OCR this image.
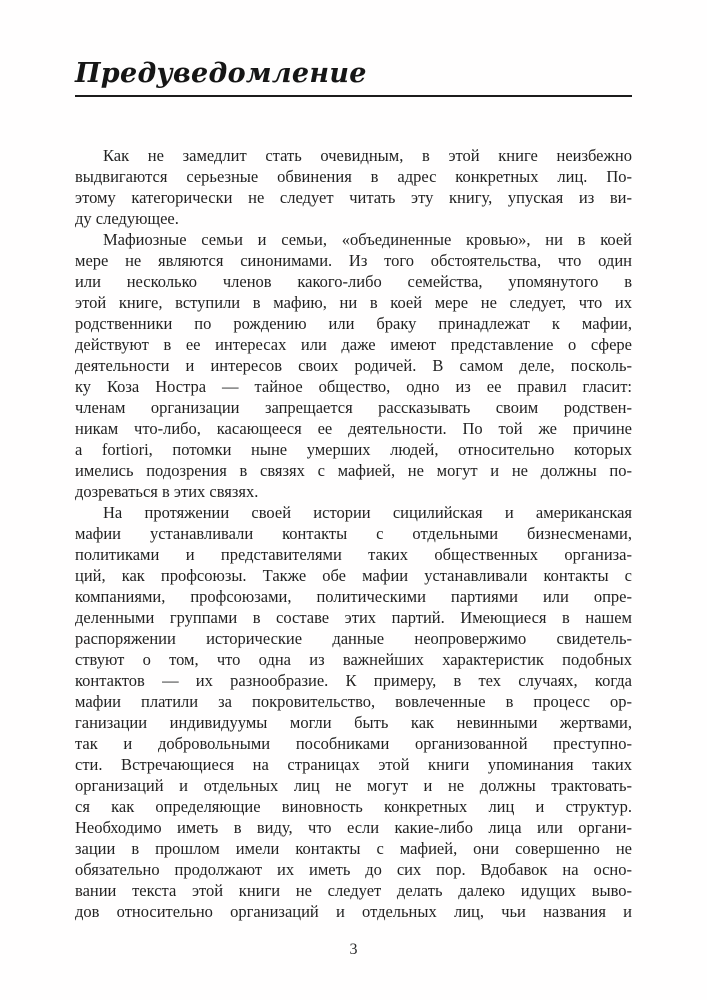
Предуведомление
Как не замедлит стать очевидным, в этой книге неизбежно
выдвигаются серьезные обвинения в адрес конкретных лиц. По-
этому категорически не следует читать эту книгу, упуская из ви-
ду следующее.
Мафиозные семьи и семьи, «объединенные кровью», ни в коей
мере не являются синонимами. Из того обстоятельства, что один
или несколько членов какого-либо семейства, упомянутого в
этой книге, вступили в мафию, ни в коей мере не следует, что их
родственники по рождению или браку принадлежат к мафии,
действуют в ее интересах или даже имеют представление о сфере
деятельности и интересов своих родичей. В самом деле, посколь-
ку Коза Ностра — тайное общество, одно из ее правил гласит:
членам организации запрещается рассказывать своим родствен-
никам что-либо, касающееся ее деятельности. По той же причине
a fortiori, потомки ныне умерших людей, относительно которых
имелись подозрения в связях с мафией, не могут и не должны по-
дозреваться в этих связях.
На протяжении своей истории сицилийская и американская
мафии устанавливали контакты с отдельными бизнесменами,
политиками и представителями таких общественных организа-
ций, как профсоюзы. Также обе мафии устанавливали контакты с
компаниями, профсоюзами, политическими партиями или опре-
деленными группами в составе этих партий. Имеющиеся в нашем
распоряжении исторические данные неопровержимо свидетель-
ствуют о том, что одна из важнейших характеристик подобных
контактов — их разнообразие. К примеру, в тех случаях, когда
мафии платили за покровительство, вовлеченные в процесс ор-
ганизации индивидуумы могли быть как невинными жертвами,
так и добровольными пособниками организованной преступно-
сти. Встречающиеся на страницах этой книги упоминания таких
организаций и отдельных лиц не могут и не должны трактовать-
ся как определяющие виновность конкретных лиц и структур.
Необходимо иметь в виду, что если какие-либо лица или органи-
зации в прошлом имели контакты с мафией, они совершенно не
обязательно продолжают их иметь до сих пор. Вдобавок на осно-
вании текста этой книги не следует делать далеко идущих выво-
дов относительно организаций и отдельных лиц, чьи названия и
3
